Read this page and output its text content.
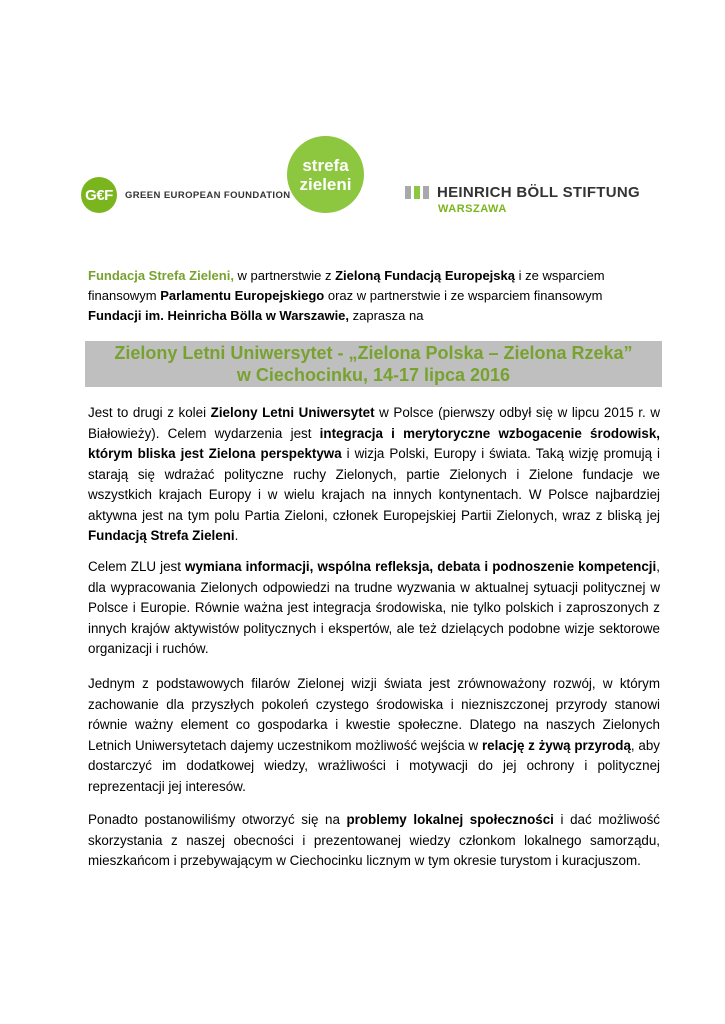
G€F	GREEN EUROPEAN FOUNDATION
strefa
zieleni	HEINRICH BÖLL STIFTUNG
WARSZAWA
Fundacja Strefa Zieleni, w partnerstwie z Zieloną Fundacją Europejską i ze wsparciem finansowym Parlamentu Europejskiego oraz w partnerstwie i ze wsparciem finansowym Fundacji im. Heinricha Bölla w Warszawie, zaprasza na
Zielony Letni Uniwersytet - „Zielona Polska – Zielona Rzeka”
w Ciechocinku, 14-17 lipca 2016
Jest to drugi z kolei Zielony Letni Uniwersytet w Polsce (pierwszy odbył się w lipcu 2015 r. w Białowieży). Celem wydarzenia jest integracja i merytoryczne wzbogacenie środowisk, którym bliska jest Zielona perspektywa i wizja Polski, Europy i świata. Taką wizję promują i starają się wdrażać polityczne ruchy Zielonych, partie Zielonych i Zielone fundacje we wszystkich krajach Europy i w wielu krajach na innych kontynentach. W Polsce najbardziej aktywna jest na tym polu Partia Zieloni, członek Europejskiej Partii Zielonych, wraz z bliską jej Fundacją Strefa Zieleni.
Celem ZLU jest wymiana informacji, wspólna refleksja, debata i podnoszenie kompetencji, dla wypracowania Zielonych odpowiedzi na trudne wyzwania w aktualnej sytuacji politycznej w Polsce i Europie. Równie ważna jest integracja środowiska, nie tylko polskich i zaproszonych z innych krajów aktywistów politycznych i ekspertów, ale też dzielących podobne wizje sektorowe organizacji i ruchów.
Jednym z podstawowych filarów Zielonej wizji świata jest zrównoważony rozwój, w którym zachowanie dla przyszłych pokoleń czystego środowiska i niezniszczonej przyrody stanowi równie ważny element co gospodarka i kwestie społeczne. Dlatego na naszych Zielonych Letnich Uniwersytetach dajemy uczestnikom możliwość wejścia w relację z żywą przyrodą, aby dostarczyć im dodatkowej wiedzy, wrażliwości i motywacji do jej ochrony i politycznej reprezentacji jej interesów.
Ponadto postanowiliśmy otworzyć się na problemy lokalnej społeczności i dać możliwość skorzystania z naszej obecności i prezentowanej wiedzy członkom lokalnego samorządu, mieszkańcom i przebywającym w Ciechocinku licznym w tym okresie turystom i kuracjuszom.
